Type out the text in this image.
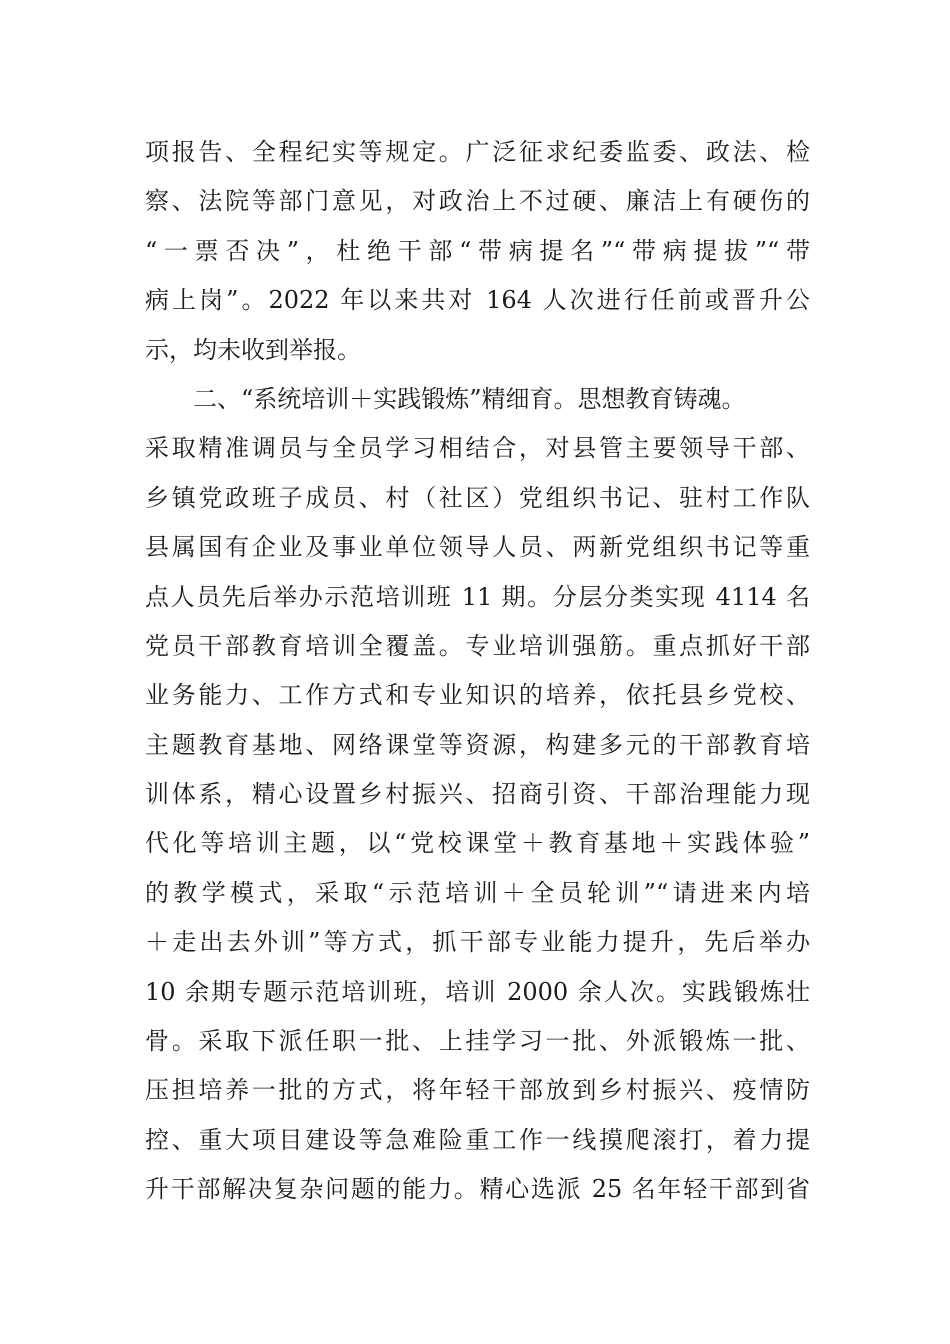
项报告、全程纪实等规定。广泛征求纪委监委、政法、检
察、法院等部门意见，对政治上不过硬、廉洁上有硬伤的
“一票否决”，杜绝干部“带病提名”“带病提拔”“带
病上岗”。2022 年以来共对 164 人次进行任前或晋升公
示，均未收到举报。
二、“系统培训＋实践锻炼”精细育。思想教育铸魂。
采取精准调员与全员学习相结合，对县管主要领导干部、
乡镇党政班子成员、村（社区）党组织书记、驻村工作队
县属国有企业及事业单位领导人员、两新党组织书记等重
点人员先后举办示范培训班 11 期。分层分类实现 4114 名
党员干部教育培训全覆盖。专业培训强筋。重点抓好干部
业务能力、工作方式和专业知识的培养，依托县乡党校、
主题教育基地、网络课堂等资源，构建多元的干部教育培
训体系，精心设置乡村振兴、招商引资、干部治理能力现
代化等培训主题，以“党校课堂＋教育基地＋实践体验”
的教学模式，采取“示范培训＋全员轮训”“请进来内培
＋走出去外训”等方式，抓干部专业能力提升，先后举办
10 余期专题示范培训班，培训 2000 余人次。实践锻炼壮
骨。采取下派任职一批、上挂学习一批、外派锻炼一批、
压担培养一批的方式，将年轻干部放到乡村振兴、疫情防
控、重大项目建设等急难险重工作一线摸爬滚打，着力提
升干部解决复杂问题的能力。精心选派 25 名年轻干部到省
